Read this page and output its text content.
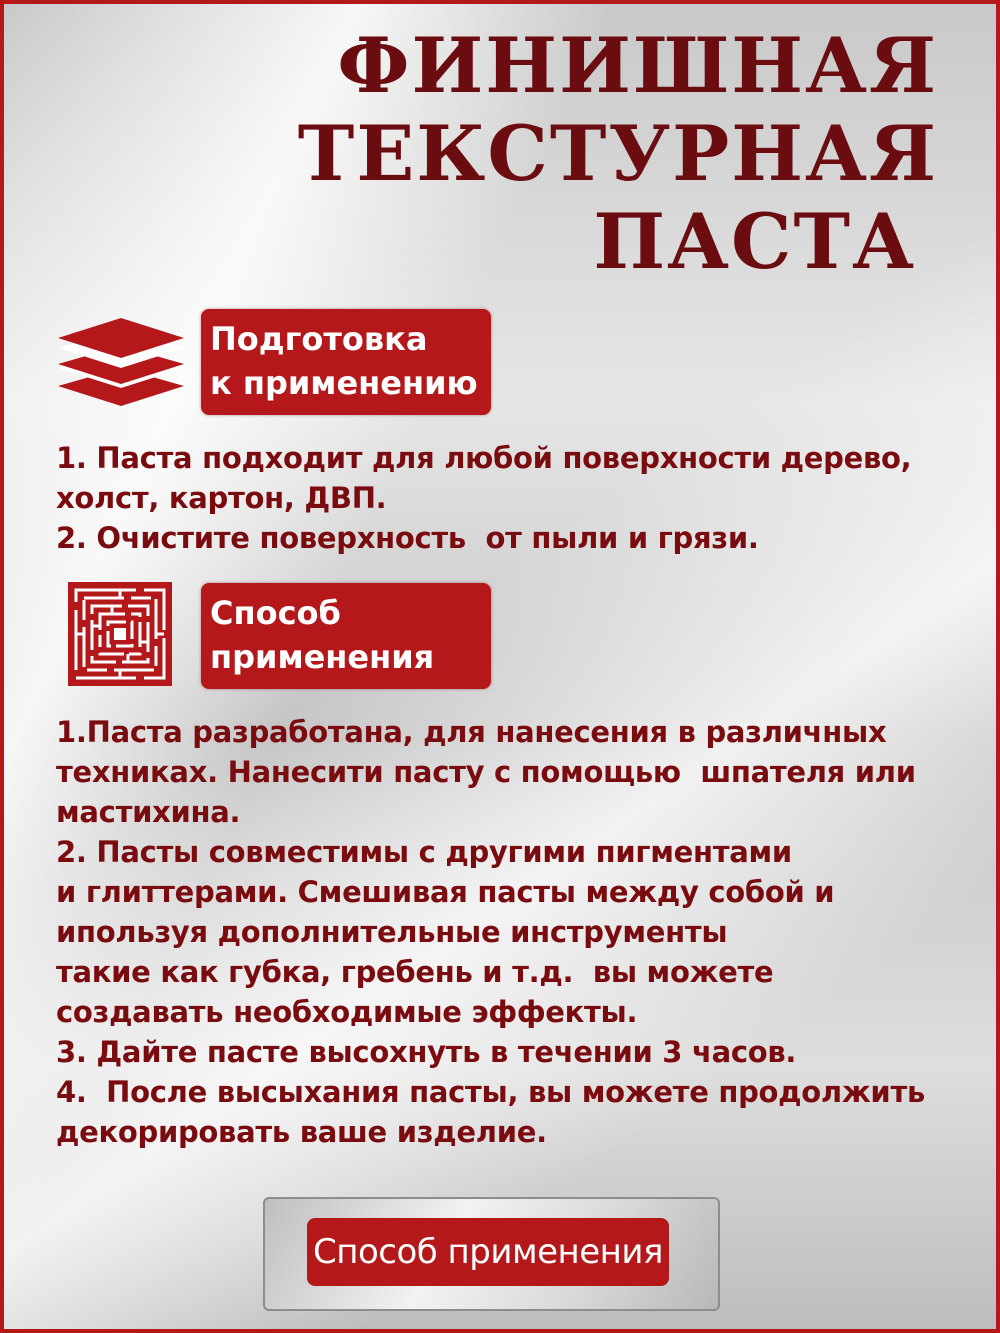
ФИНИШНАЯ
ТЕКСТУРНАЯ
ПАСТА
Подготовка
к применению
1. Паста подходит для любой поверхности дерево,
холст, картон, ДВП.
2. Очистите поверхность  от пыли и грязи.
Способ
применения
1.Паста разработана, для нанесения в различных
техниках. Нанесити пасту с помощью  шпателя или
мастихина.
2. Пасты совместимы с другими пигментами
и глиттерами. Смешивая пасты между собой и
ипользуя дополнительные инструменты
такие как губка, гребень и т.д.  вы можете
создавать необходимые эффекты.
3. Дайте пасте высохнуть в течении 3 часов.
4.  После высыхания пасты, вы можете продолжить
декорировать ваше изделие.
Способ применения
